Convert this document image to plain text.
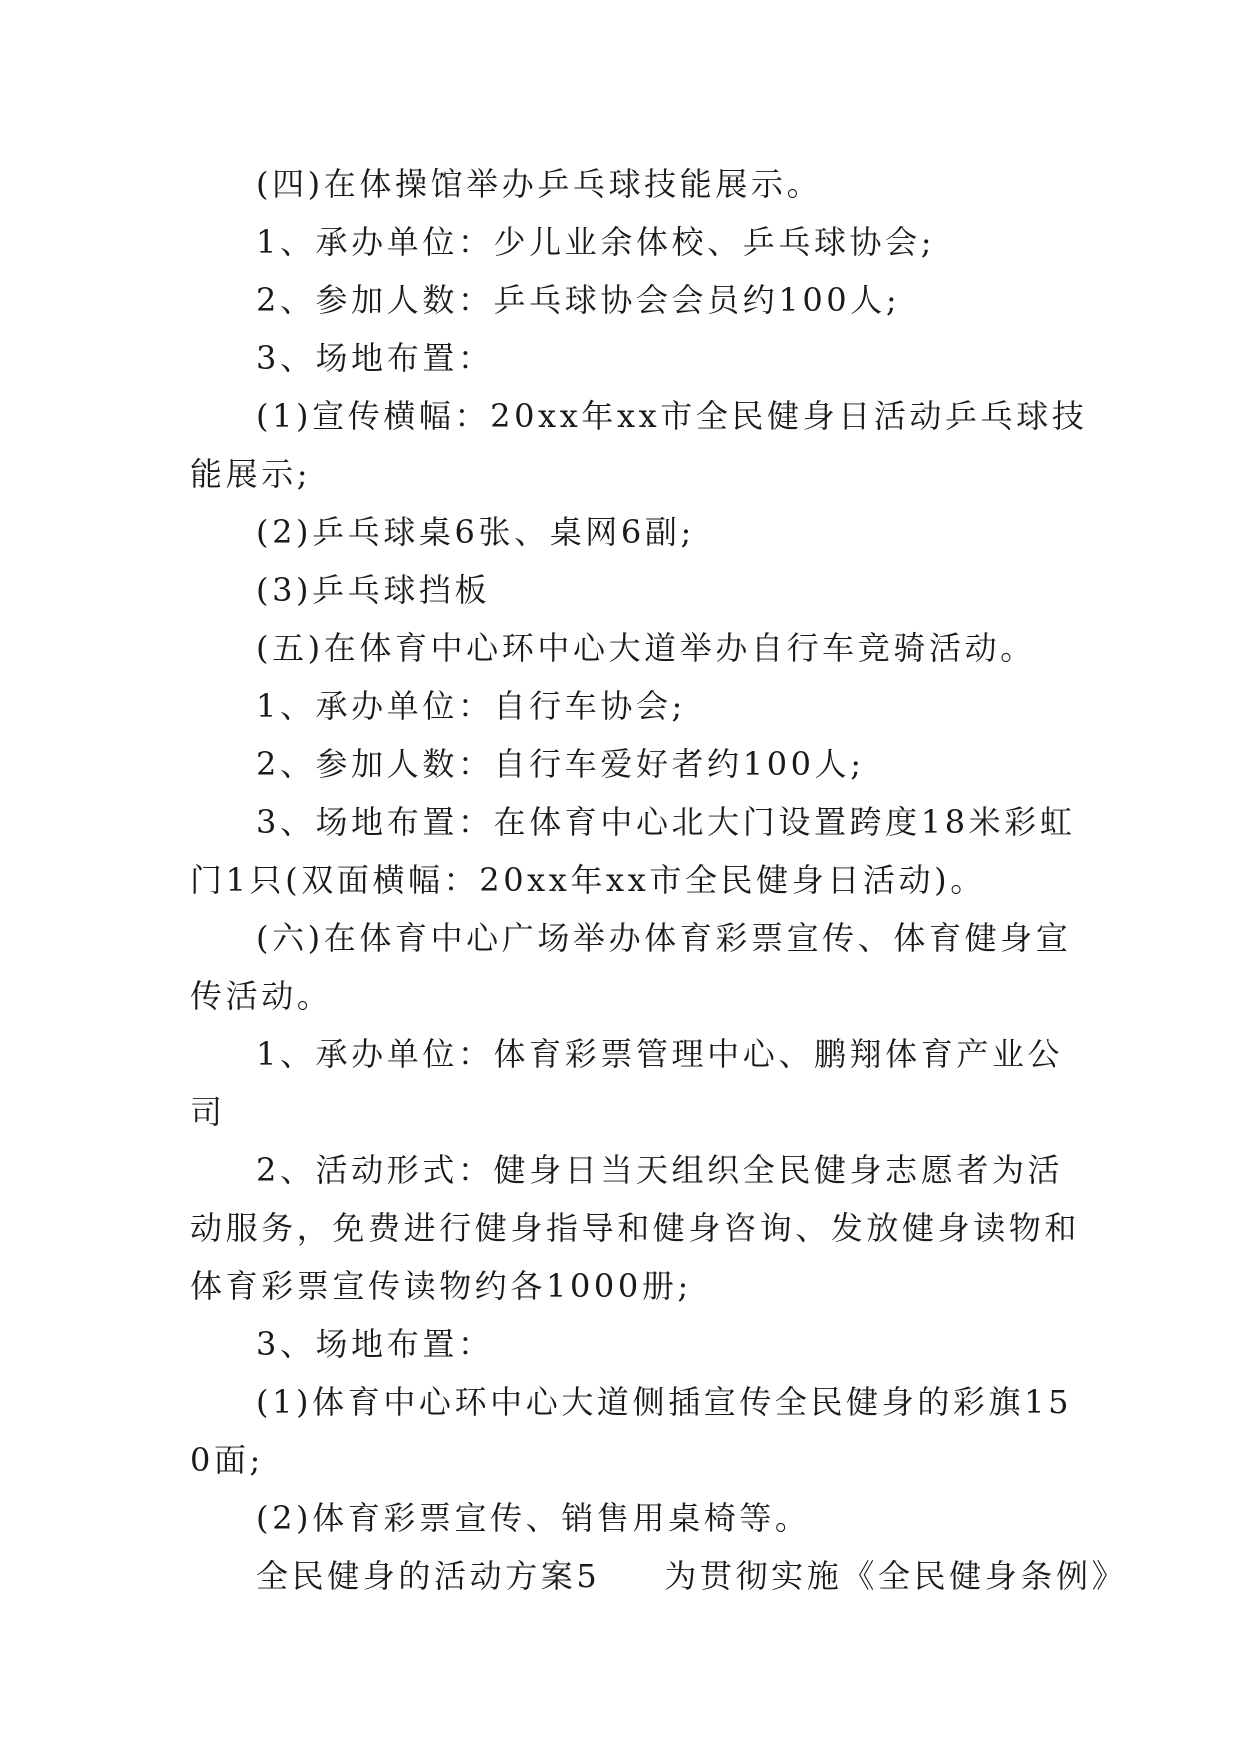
(四)在体操馆举办乒乓球技能展示。

1、承办单位：少儿业余体校、乒乓球协会;

2、参加人数：乒乓球协会会员约100人;

3、场地布置：

(1)宣传横幅：20xx年xx市全民健身日活动乒乓球技能展示;

(2)乒乓球桌6张、桌网6副;

(3)乒乓球挡板

(五)在体育中心环中心大道举办自行车竞骑活动。

1、承办单位：自行车协会;

2、参加人数：自行车爱好者约100人;

3、场地布置：在体育中心北大门设置跨度18米彩虹门1只(双面横幅：20xx年xx市全民健身日活动)。

(六)在体育中心广场举办体育彩票宣传、体育健身宣传活动。

1、承办单位：体育彩票管理中心、鹏翔体育产业公司

2、活动形式：健身日当天组织全民健身志愿者为活动服务，免费进行健身指导和健身咨询、发放健身读物和体育彩票宣传读物约各1000册;

3、场地布置：

(1)体育中心环中心大道侧插宣传全民健身的彩旗150面;

(2)体育彩票宣传、销售用桌椅等。

全民健身的活动方案5 为贯彻实施《全民健身条例》
